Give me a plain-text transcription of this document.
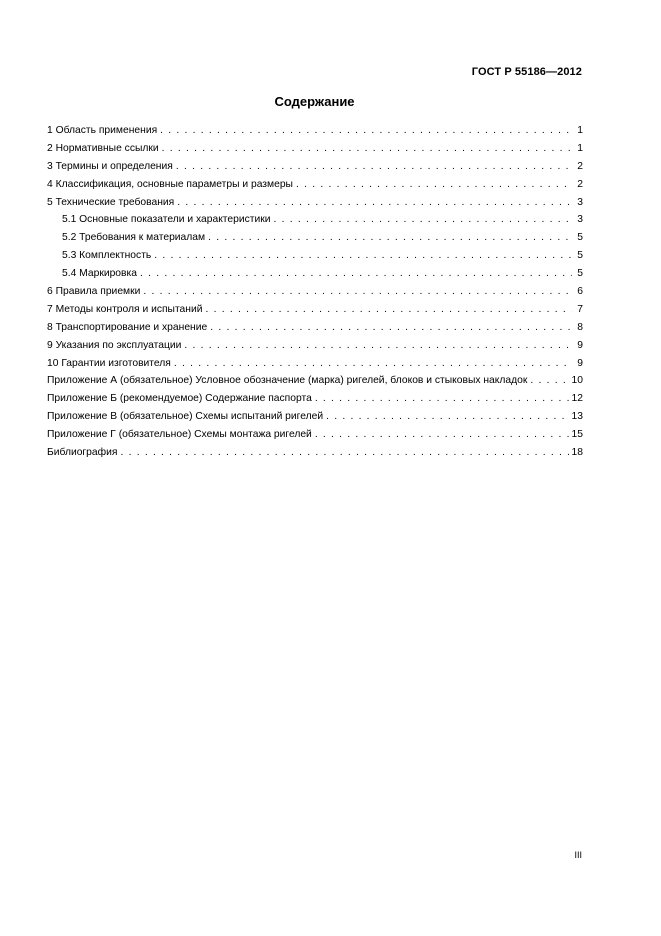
ГОСТ Р 55186—2012
Содержание
1 Область применения . . .	1
2 Нормативные ссылки . . .	1
3 Термины и определения . . .	2
4 Классификация, основные параметры и размеры . . .	2
5 Технические требования . . .	3
5.1 Основные показатели и характеристики . . .	3
5.2 Требования к материалам . . .	5
5.3 Комплектность . . .	5
5.4 Маркировка . . .	5
6 Правила приемки . . .	6
7 Методы контроля и испытаний . . .	7
8 Транспортирование и хранение . . .	8
9 Указания по эксплуатации . . .	9
10 Гарантии изготовителя . . .	9
Приложение А (обязательное) Условное обозначение (марка) ригелей, блоков и стыковых накладок . . .	10
Приложение Б (рекомендуемое) Содержание паспорта . . .	12
Приложение В (обязательное) Схемы испытаний ригелей . . .	13
Приложение Г (обязательное) Схемы монтажа ригелей . . .	15
Библиография . . .	18
III
